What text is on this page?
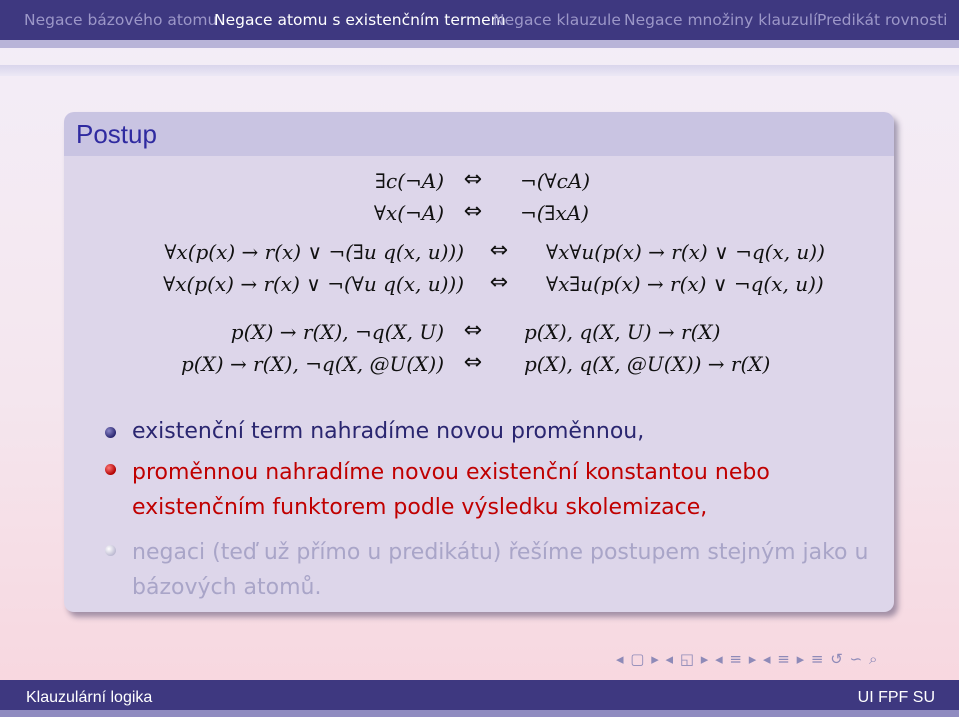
Negace bázového atomu
Negace atomu s existenčním termem
Negace klauzule Negace množiny klauzulí Predikát rovnosti
Postup
∃c(¬A) ⇔	¬(∀cA)
∀x(¬A) ⇔	¬(∃xA)
∀x(p(x) → r(x) ∨ ¬(∃u q(x, u)))	⇔	∀x∀u(p(x) → r(x) ∨ ¬q(x, u))
∀x(p(x) → r(x) ∨ ¬(∀u q(x, u)))	⇔	∀x∃u(p(x) → r(x) ∨ ¬q(x, u))
p(X) → r(X), ¬q(X, U) ⇔	p(X), q(X, U) → r(X)
p(X) → r(X), ¬q(X, @U(X)) ⇔	p(X), q(X, @U(X)) → r(X)
existenční term nahradíme novou proměnnou,
proměnnou nahradíme novou existenční konstantou nebo existenčním funktorem podle výsledku skolemizace,
negaci (teď už přímo u predikátu) řešíme postupem stejným jako u bázových atomů.
◂ ▢ ▸ ◂ ◱ ▸ ◂ ≡ ▸ ◂ ≡ ▸ ≡ ↺ ∽ ⌕
Klauzulární logika	UI FPF SU
